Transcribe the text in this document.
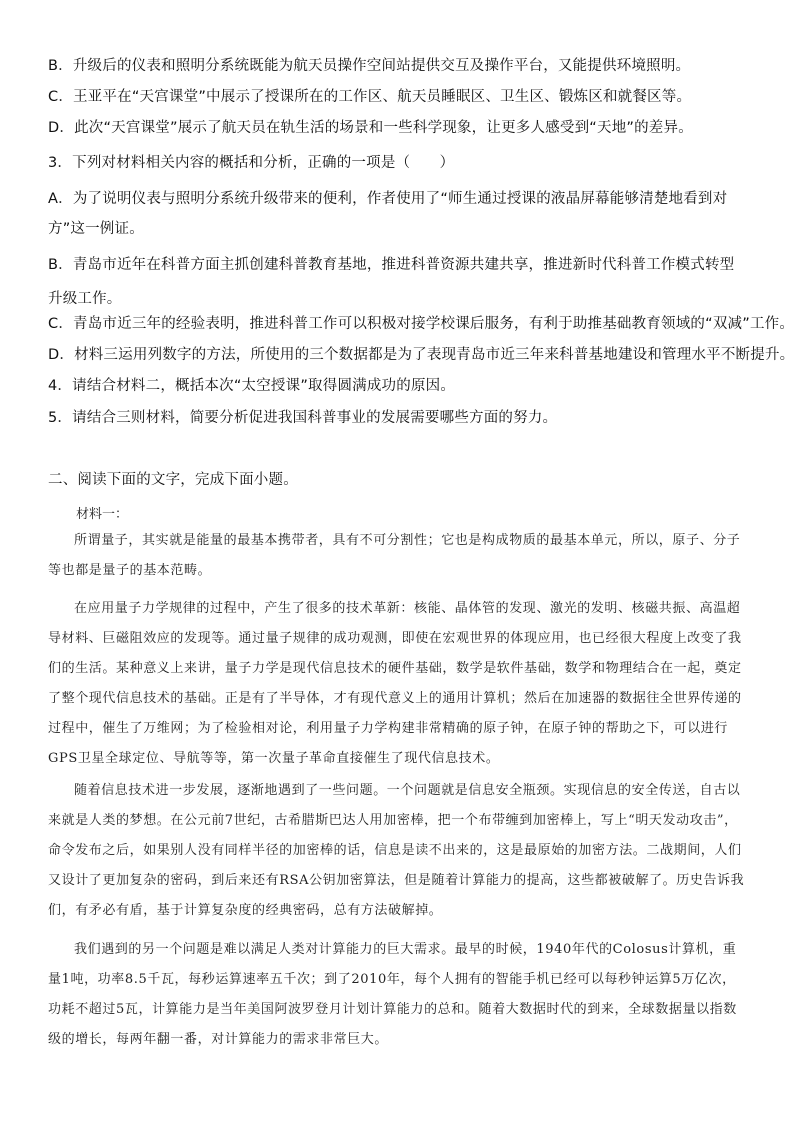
B．升级后的仪表和照明分系统既能为航天员操作空间站提供交互及操作平台，又能提供环境照明。
C．王亚平在“天宫课堂”中展示了授课所在的工作区、航天员睡眠区、卫生区、锻炼区和就餐区等。
D．此次“天宫课堂”展示了航天员在轨生活的场景和一些科学现象，让更多人感受到“天地”的差异。
3．下列对材料相关内容的概括和分析，正确的一项是（　　）
A．为了说明仪表与照明分系统升级带来的便利，作者使用了“师生通过授课的液晶屏幕能够清楚地看到对方”这一例证。
B．青岛市近年在科普方面主抓创建科普教育基地，推进科普资源共建共享，推进新时代科普工作模式转型升级工作。
C．青岛市近三年的经验表明，推进科普工作可以积极对接学校课后服务，有利于助推基础教育领域的“双减”工作。
D．材料三运用列数字的方法，所使用的三个数据都是为了表现青岛市近三年来科普基地建设和管理水平不断提升。
4．请结合材料二，概括本次“太空授课”取得圆满成功的原因。
5．请结合三则材料，简要分析促进我国科普事业的发展需要哪些方面的努力。
二、阅读下面的文字，完成下面小题。
材料一：
所谓量子，其实就是能量的最基本携带者，具有不可分割性；它也是构成物质的最基本单元，所以，原子、分子等也都是量子的基本范畴。
在应用量子力学规律的过程中，产生了很多的技术革新：核能、晶体管的发现、激光的发明、核磁共振、高温超导材料、巨磁阻效应的发现等。通过量子规律的成功观测，即使在宏观世界的体现应用，也已经很大程度上改变了我们的生活。某种意义上来讲，量子力学是现代信息技术的硬件基础，数学是软件基础，数学和物理结合在一起，奠定了整个现代信息技术的基础。正是有了半导体，才有现代意义上的通用计算机；然后在加速器的数据往全世界传递的过程中，催生了万维网；为了检验相对论，利用量子力学构建非常精确的原子钟，在原子钟的帮助之下，可以进行GPS卫星全球定位、导航等等，第一次量子革命直接催生了现代信息技术。
随着信息技术进一步发展，逐渐地遇到了一些问题。一个问题就是信息安全瓶颈。实现信息的安全传送，自古以来就是人类的梦想。在公元前7世纪，古希腊斯巴达人用加密棒，把一个布带缠到加密棒上，写上“明天发动攻击”，命令发布之后，如果别人没有同样半径的加密棒的话，信息是读不出来的，这是最原始的加密方法。二战期间，人们又设计了更加复杂的密码，到后来还有RSA公钥加密算法，但是随着计算能力的提高，这些都被破解了。历史告诉我们，有矛必有盾，基于计算复杂度的经典密码，总有方法破解掉。
我们遇到的另一个问题是难以满足人类对计算能力的巨大需求。最早的时候，1940年代的Colosus计算机，重量1吨，功率8.5千瓦，每秒运算速率五千次；到了2010年，每个人拥有的智能手机已经可以每秒钟运算5万亿次，功耗不超过5瓦，计算能力是当年美国阿波罗登月计划计算能力的总和。随着大数据时代的到来，全球数据量以指数级的增长，每两年翻一番，对计算能力的需求非常巨大。
